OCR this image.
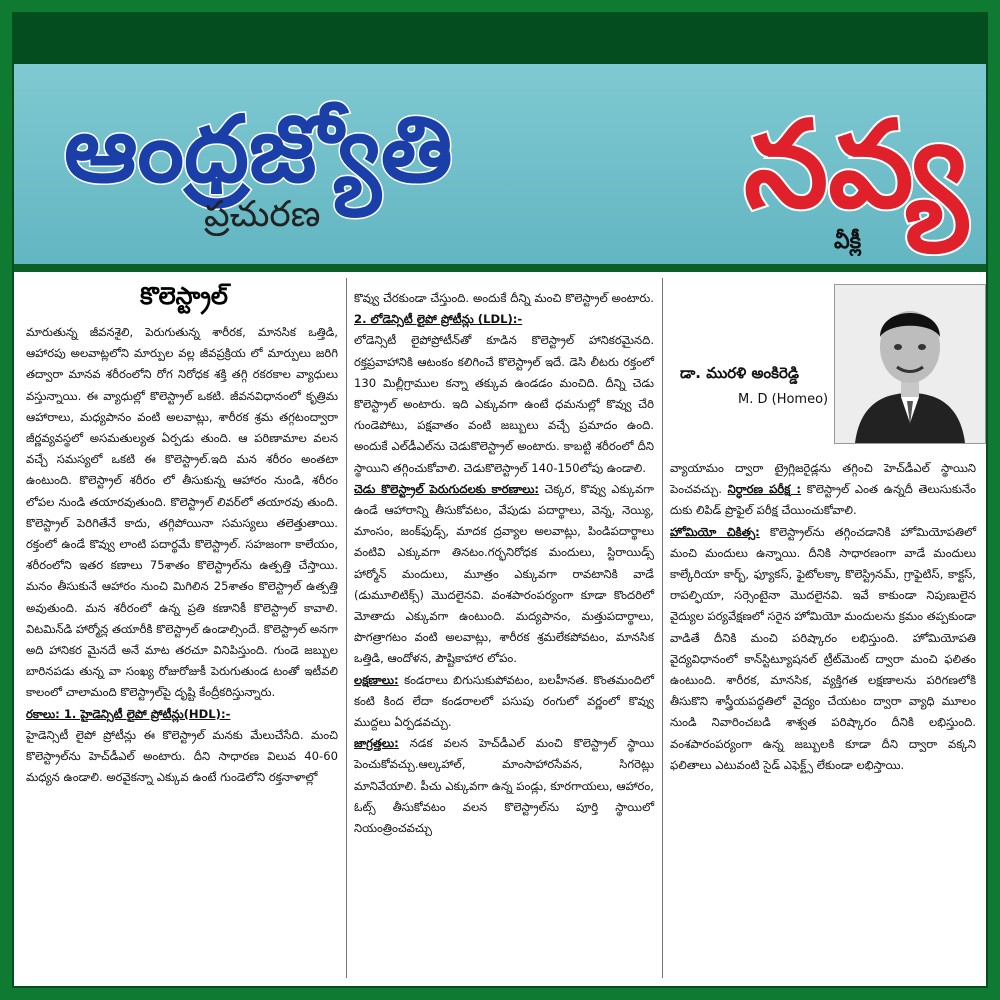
ఆంధ్రజ్యోతి
ప్రచురణ	నవ్య
వీక్లీ
కొలెస్ట్రాల్

మారుతున్న జీవనశైలి, పెరుగుతున్న శారీరక, మానసిక ఒత్తిడి, ఆహారపు అలవాట్లలోని మార్పుల వల్ల జీవప్రక్రియ లో మార్పులు జరిగి తద్వారా మానవ శరీరంలోని రోగ నిరోధక శక్తి తగ్గి రకరకాల వ్యాధులు వస్తున్నాయి. ఈ వ్యాధుల్లో కొలెస్ట్రాల్ ఒకటి. జీవనవిధానంలో కృత్రిమ ఆహారాలు, మధ్యపానం వంటి అలవాట్లు, శారీరక శ్రమ తగ్గటంద్వారా జీర్ణవ్యవస్థలో అసమతుల్యత ఏర్పడు తుంది. ఆ పరిణామాల వలన వచ్చే సమస్యలో ఒకటి ఈ కొలెస్ట్రాల్.ఇది మన శరీరం అంతటా ఉంటుంది. కొలెస్ట్రాల్ శరీరం లో తీసుకున్న ఆహారం నుండి, శరీరం లోపల నుండి తయారవుతుంది. కొలెస్ట్రాల్ లివర్‌లో తయారవు తుంది. కొలెస్ట్రాల్ పెరిగితేనే కాదు, తగ్గిపోయినా సమస్యలు తలెత్తుతాయి. రక్తంలో ఉండే కొవ్వు లాంటి పదార్థమే కొలెస్ట్రాల్. సహజంగా కాలేయం, శరీరంలోని ఇతర కణాలు 75శాతం కొలెస్ట్రాల్‌ను ఉత్పత్తి చేస్తాయి. మనం తీసుకునే ఆహారం నుంచి మిగిలిన 25శాతం కొలెస్ట్రాల్ ఉత్పత్తి అవుతుంది. మన శరీరంలో ఉన్న ప్రతి కణానికీ కొలెస్ట్రాల్ కావాలి. విటమిన్‌డి హార్మోన్ల తయారీకి కొలెస్ట్రాల్ ఉండాల్సిందే. కొలెస్ట్రాల్ అనగా అది హానికర మైనదే అనే మాట తరచూ వినిపిస్తుంది. గుండె జబ్బుల బారినపడు తున్న వా సంఖ్య రోజురోజుకీ పెరుగుతుండ టంతో ఇటీవలి కాలంలో చాలామంది కొలెస్ట్రాల్‌పై దృష్టి కేంద్రీకరిస్తున్నారు.

రకాలు: 1. హైడెన్సిటీ లైపో ప్రోటీన్లు(HDL):-

హైడెన్సిటీ లైపో ప్రోటీన్లు ఈ కొలెస్ట్రాల్ మనకు మేలుచేసేది. మంచి కొలెస్ట్రాల్‌ను హెచ్‌డీఎల్ అంటారు. దీని సాధారణ విలువ 40-60 మధ్యన ఉండాలి. అరవైకన్నా ఎక్కువ ఉంటే గుండెలోని రక్తనాళాల్లో

కొవ్వు చేరకుండా చేస్తుంది. అందుకే దీన్ని మంచి కొలెస్ట్రాల్ అంటారు. 2. లోడెన్సిటీ లైపో ప్రోటీన్లు (LDL):-

లోడెన్సిటీ లైపోప్రోటీన్‌తో కూడిన కొలెస్ట్రాల్ హానికరమైనది. రక్తప్రవాహానికి ఆటంకం కలిగించే కొలెస్ట్రాల్ ఇదే. డెసి లీటరు రక్తంలో 130 మిల్లీగ్రాముల కన్నా తక్కువ ఉండడం మంచిది. దీన్ని చెడు కొలెస్ట్రాల్ అంటారు. ఇది ఎక్కువగా ఉంటే ధమనుల్లో కొవ్వు చేరి గుండెపోటు, పక్షవాతం వంటి జబ్బులు వచ్చే ప్రమాదం ఉంది. అందుకే ఎల్‌డీఎల్‌ను చెడుకొలెస్ట్రాల్ అంటారు. కాబట్టి శరీరంలో దీని స్థాయిని తగ్గించుకోవాలి. చెడుకొలెస్ట్రాల్ 140-150లోపు ఉండాలి.

చెడు కొలెస్ట్రాల్ పెరుగుదలకు కారణాలు: చెక్కర, కొవ్వు ఎక్కువగా ఉండే ఆహారాన్ని తీసుకోవటం, వేపుడు పదార్థాలు, వెన్న, నెయ్యి, మాంసం, జంక్‌ఫుడ్స్, మాదక ద్రవ్యాల అలవాట్లు, పిండిపదార్థాలు వంటివి ఎక్కువగా తినటం.గర్భనిరోధక మందులు, స్టిరాయిడ్స్ హార్మోన్ మందులు, మూత్రం ఎక్కువగా రావటానికి వాడే (డుమూలిటిక్స్) మొదలైనవి. వంశపారంపర్యంగా కూడా కొందరిలో మోతాదు ఎక్కువగా ఉంటుంది. మద్యపానం, మత్తుపదార్థాలు, పొగత్రాగటం వంటి అలవాట్లు, శారీరక శ్రమలేకపోవటం, మానసిక ఒత్తిడి, ఆందోళన, పౌష్టికాహార లోపం.

లక్షణాలు: కండరాలు బిగుసుకుపోవటం, బలహీనత. కొంతమందిలో కంటి కింద లేదా కండరాలలో పసుపు రంగులో వర్ణంలో కొవ్వు ముద్దలు ఏర్పడవచ్చు.

జాగ్రత్తలు: నడక వలన హెచ్‌డీఎల్ మంచి కొలెస్ట్రాల్ స్థాయి పెంచుకోవచ్చు.ఆల్కహాల్, మాంసాహారసేవన, సిగరెట్లు మానివేయాలి. పీచు ఎక్కువగా ఉన్న పండ్లు, కూరగాయలు, ఆహారం, ఓట్స్ తీసుకోవటం వలన కొలెస్ట్రాల్‌ను పూర్తి స్థాయిలో నియంత్రించవచ్చు

డా. మురళి అంకిరెడ్డి
M. D (Homeo)

వ్యాయామం ద్వారా ట్రైగ్లిజరైడ్లను తగ్గించి హెచ్‌డీఎల్ స్థాయిని పెంచవచ్చు. నిర్ధారణ పరీక్ష : కొలెస్ట్రాల్ ఎంత ఉన్నదీ తెలుసుకునేం దుకు లిపిడ్ ప్రొఫైల్ పరీక్ష చేయించుకోవాలి.

హోమియో చికిత్స: కొలెస్ట్రాల్‌ను తగ్గించడానికి హోమియోపతిలో మంచి మందులు ఉన్నాయి. దీనికి సాధారణంగా వాడే మందులు కాల్కేరియా కార్బ్, ఫ్యూకస్, ఫైటోలక్కా కొలెస్ట్రినమ్, గ్రాఫైటిస్, కాక్టస్, రాపల్ఫియా, సర్సెంటైనా మొదలైనవి. ఇవే కాకుండా నిపుణులైన వైద్యుల పర్యవేక్షణలో సరైన హోమియో మందులను క్రమం తప్పకుండా వాడితే దీనికి మంచి పరిష్కారం లభిస్తుంది. హోమియోపతి వైద్యవిధానంలో కాన్‌స్టిట్యూషనల్ ట్రీట్‌మెంట్ ద్వారా మంచి ఫలితం ఉంటుంది. శారీరక, మానసిక, వ్యక్తిగత లక్షణాలను పరిగణలోకి తీసుకొని శాస్త్రీయపద్ధతిలో వైద్యం చేయటం ద్వారా వ్యాధి మూలం నుండి నివారించబడి శాశ్వత పరిష్కారం దీనికి లభిస్తుంది. వంశపారంపర్యంగా ఉన్న జబ్బులకి కూడా దీని ద్వారా వక్కని ఫలితాలు ఎటువంటి సైడ్ ఎఫెక్ట్స్ లేకుండా లభిస్తాయి.
